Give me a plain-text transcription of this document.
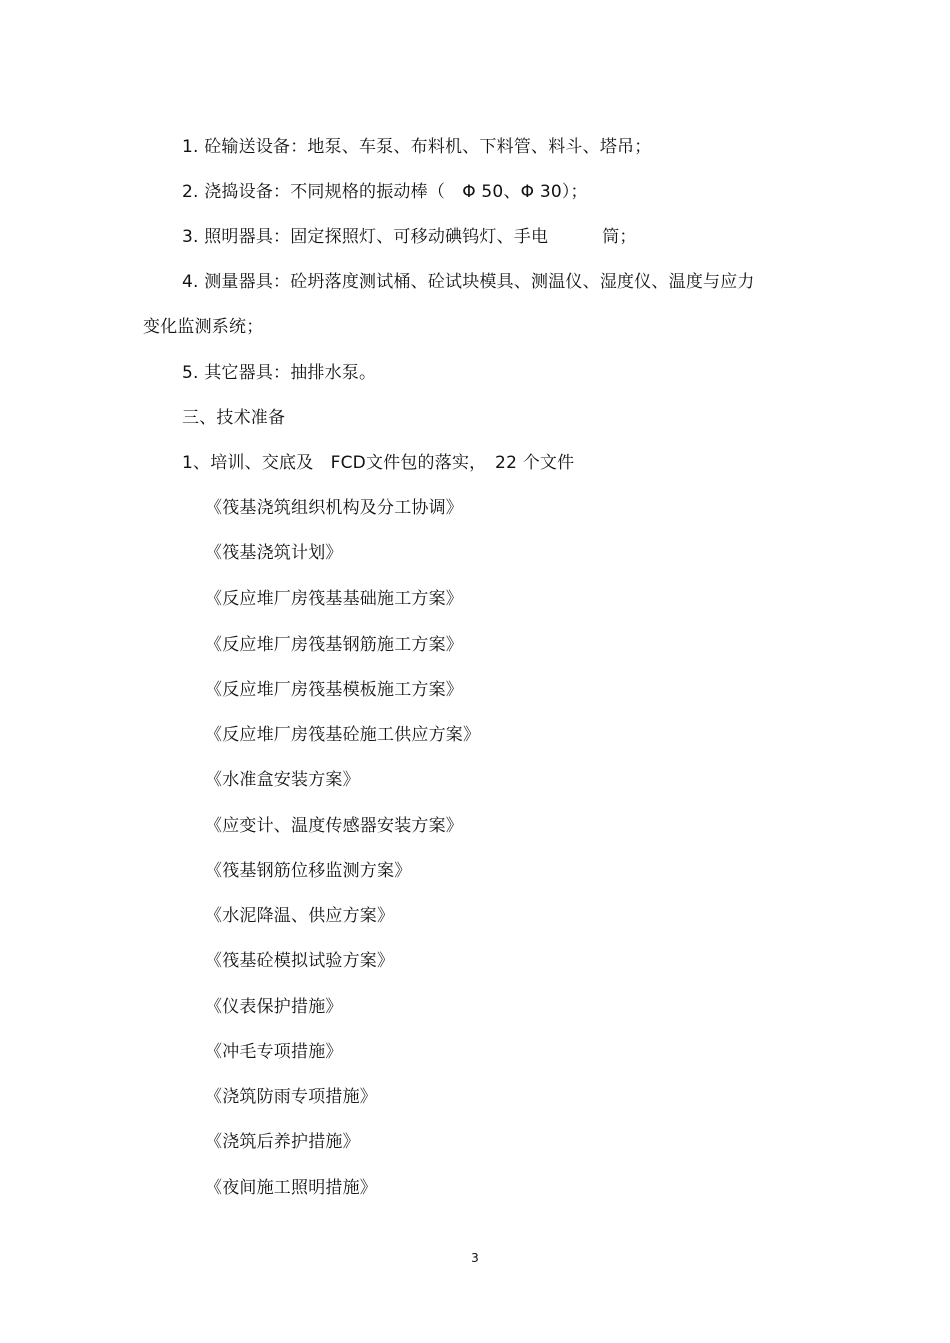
1. 砼输送设备：地泵、车泵、布料机、下料管、料斗、塔吊；
2. 浇捣设备：不同规格的振动棒（　Φ 50、Φ 30）；
3. 照明器具：固定探照灯、可移动碘钨灯、手电	筒；
4. 测量器具：砼坍落度测试桶、砼试块模具、测温仪、湿度仪、温度与应力
变化监测系统；
5. 其它器具：抽排水泵。
三、技术准备
1、培训、交底及　FCD文件包的落实，　22 个文件
《筏基浇筑组织机构及分工协调》
《筏基浇筑计划》
《反应堆厂房筏基基础施工方案》
《反应堆厂房筏基钢筋施工方案》
《反应堆厂房筏基模板施工方案》
《反应堆厂房筏基砼施工供应方案》
《水准盒安装方案》
《应变计、温度传感器安装方案》
《筏基钢筋位移监测方案》
《水泥降温、供应方案》
《筏基砼模拟试验方案》
《仪表保护措施》
《冲毛专项措施》
《浇筑防雨专项措施》
《浇筑后养护措施》
《夜间施工照明措施》
3
